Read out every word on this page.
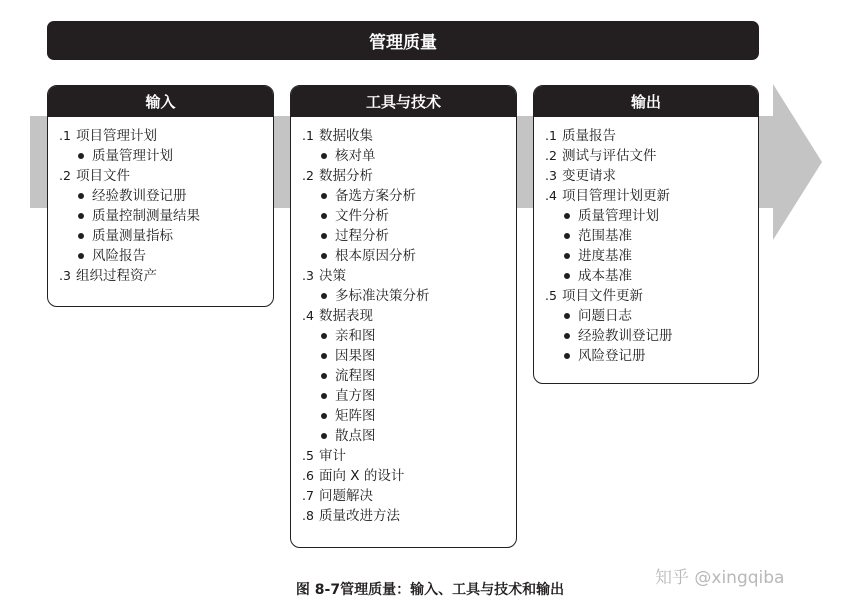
管理质量
输入
.1 项目管理计划
质量管理计划
.2 项目文件
经验教训登记册
质量控制测量结果
质量测量指标
风险报告
.3 组织过程资产
工具与技术
.1 数据收集
核对单
.2 数据分析
备选方案分析
文件分析
过程分析
根本原因分析
.3 决策
多标准决策分析
.4 数据表现
亲和图
因果图
流程图
直方图
矩阵图
散点图
.5 审计
.6 面向 X 的设计
.7 问题解决
.8 质量改进方法
输出
.1 质量报告
.2 测试与评估文件
.3 变更请求
.4 项目管理计划更新
质量管理计划
范围基准
进度基准
成本基准
.5 项目文件更新
问题日志
经验教训登记册
风险登记册
图 8-7管理质量：输入、工具与技术和输出
知乎 @xingqiba
